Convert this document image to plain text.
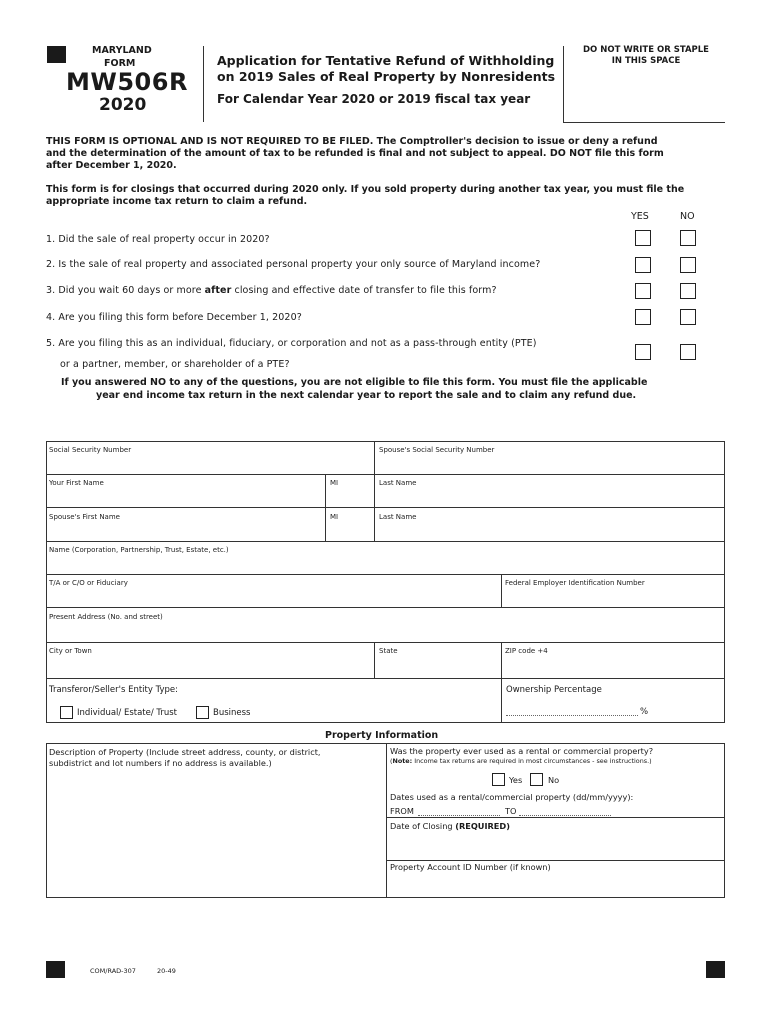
MARYLAND
FORM
MW506R
2020
Application for Tentative Refund of Withholding
on 2019 Sales of Real Property by Nonresidents
For Calendar Year 2020 or 2019 fiscal tax year
DO NOT WRITE OR STAPLE
IN THIS SPACE
THIS FORM IS OPTIONAL AND IS NOT REQUIRED TO BE FILED. The Comptroller's decision to issue or deny a refund
and the determination of the amount of tax to be refunded is final and not subject to appeal. DO NOT file this form
after December 1, 2020.
This form is for closings that occurred during 2020 only. If you sold property during another tax year, you must file the
appropriate income tax return to claim a refund.
YES	NO
1. Did the sale of real property occur in 2020?
2. Is the sale of real property and associated personal property your only source of Maryland income?
3. Did you wait 60 days or more after closing and effective date of transfer to file this form?
4. Are you filing this form before December 1, 2020?
5. Are you filing this as an individual, fiduciary, or corporation and not as a pass-through entity (PTE)
or a partner, member, or shareholder of a PTE?
If you answered NO to any of the questions, you are not eligible to file this form. You must file the applicable
year end income tax return in the next calendar year to report the sale and to claim any refund due.
Social Security Number	Spouse's Social Security Number
Your First Name	MI	Last Name
Spouse's First Name	MI	Last Name
Name (Corporation, Partnership, Trust, Estate, etc.)
T/A or C/O or Fiduciary	Federal Employer Identification Number
Present Address (No. and street)
City or Town	State	ZIP code +4
Transferor/Seller's Entity Type:
Individual/ Estate/ Trust	Business
Ownership Percentage
%
Property Information
Description of Property (Include street address, county, or district,
subdistrict and lot numbers if no address is available.)
Was the property ever used as a rental or commercial property?
(Note: Income tax returns are required in most circumstances - see instructions.)
Yes	No
Dates used as a rental/commercial property (dd/mm/yyyy):
FROM	TO
Date of Closing (REQUIRED)
Property Account ID Number (if known)
COM/RAD-307	20-49
